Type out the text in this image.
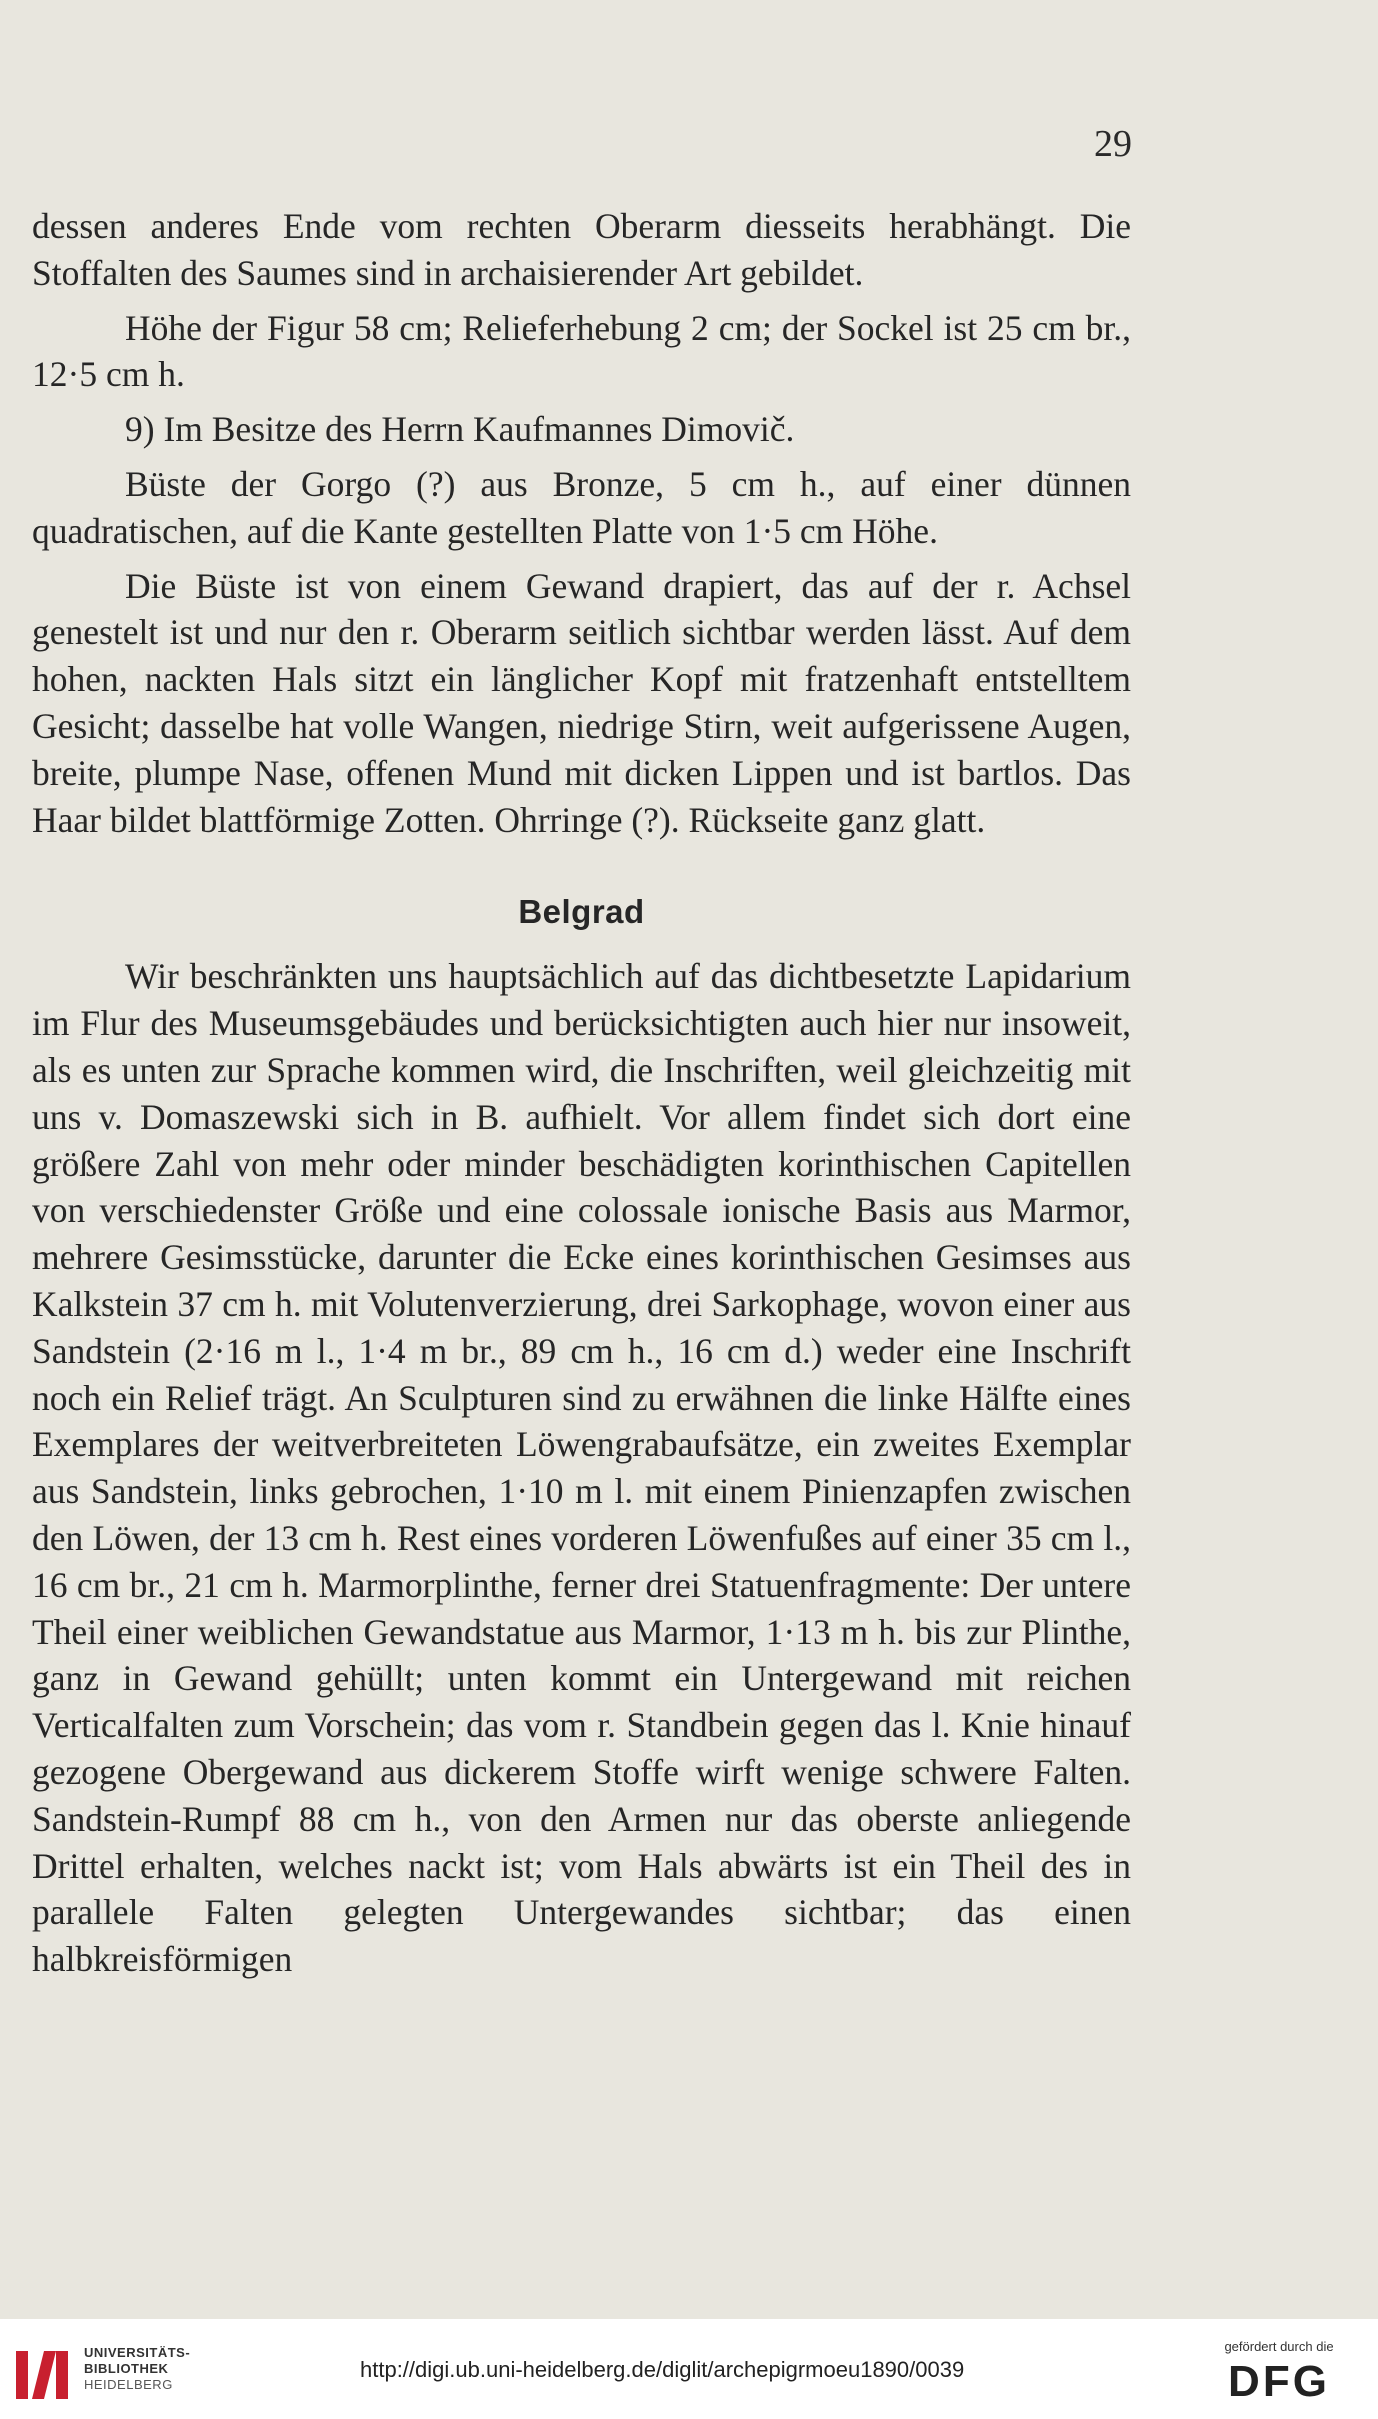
29

dessen anderes Ende vom rechten Oberarm diesseits herabhängt. Die Stoffalten des Saumes sind in archaisierender Art gebildet.

Höhe der Figur 58 cm; Relieferhebung 2 cm; der Sockel ist 25 cm br., 12·5 cm h.

9) Im Besitze des Herrn Kaufmannes Dimovič.

Büste der Gorgo (?) aus Bronze, 5 cm h., auf einer dünnen quadratischen, auf die Kante gestellten Platte von 1·5 cm Höhe.

Die Büste ist von einem Gewand drapiert, das auf der r. Achsel genestelt ist und nur den r. Oberarm seitlich sichtbar werden lässt. Auf dem hohen, nackten Hals sitzt ein länglicher Kopf mit fratzenhaft entstelltem Gesicht; dasselbe hat volle Wangen, niedrige Stirn, weit aufgerissene Augen, breite, plumpe Nase, offenen Mund mit dicken Lippen und ist bartlos. Das Haar bildet blattförmige Zotten. Ohrringe (?). Rückseite ganz glatt.

Belgrad

Wir beschränkten uns hauptsächlich auf das dichtbesetzte Lapidarium im Flur des Museumsgebäudes und berücksichtigten auch hier nur insoweit, als es unten zur Sprache kommen wird, die Inschriften, weil gleichzeitig mit uns v. Domaszewski sich in B. aufhielt. Vor allem findet sich dort eine größere Zahl von mehr oder minder beschädigten korinthischen Capitellen von verschiedenster Größe und eine colossale ionische Basis aus Marmor, mehrere Gesimsstücke, darunter die Ecke eines korinthischen Gesimses aus Kalkstein 37 cm h. mit Volutenverzierung, drei Sarkophage, wovon einer aus Sandstein (2·16 m l., 1·4 m br., 89 cm h., 16 cm d.) weder eine Inschrift noch ein Relief trägt. An Sculpturen sind zu erwähnen die linke Hälfte eines Exemplares der weitverbreiteten Löwengrabaufsätze, ein zweites Exemplar aus Sandstein, links gebrochen, 1·10 m l. mit einem Pinienzapfen zwischen den Löwen, der 13 cm h. Rest eines vorderen Löwenfußes auf einer 35 cm l., 16 cm br., 21 cm h. Marmorplinthe, ferner drei Statuenfragmente: Der untere Theil einer weiblichen Gewandstatue aus Marmor, 1·13 m h. bis zur Plinthe, ganz in Gewand gehüllt; unten kommt ein Untergewand mit reichen Verticalfalten zum Vorschein; das vom r. Standbein gegen das l. Knie hinauf gezogene Obergewand aus dickerem Stoffe wirft wenige schwere Falten. Sandstein-Rumpf 88 cm h., von den Armen nur das oberste anliegende Drittel erhalten, welches nackt ist; vom Hals abwärts ist ein Theil des in parallele Falten gelegten Untergewandes sichtbar; das einen halbkreisförmigen

UNIVERSITÄTS-
BIBLIOTHEK
HEIDELBERG
http://digi.ub.uni-heidelberg.de/diglit/archepigrmoeu1890/0039
gefördert durch die
DFG
